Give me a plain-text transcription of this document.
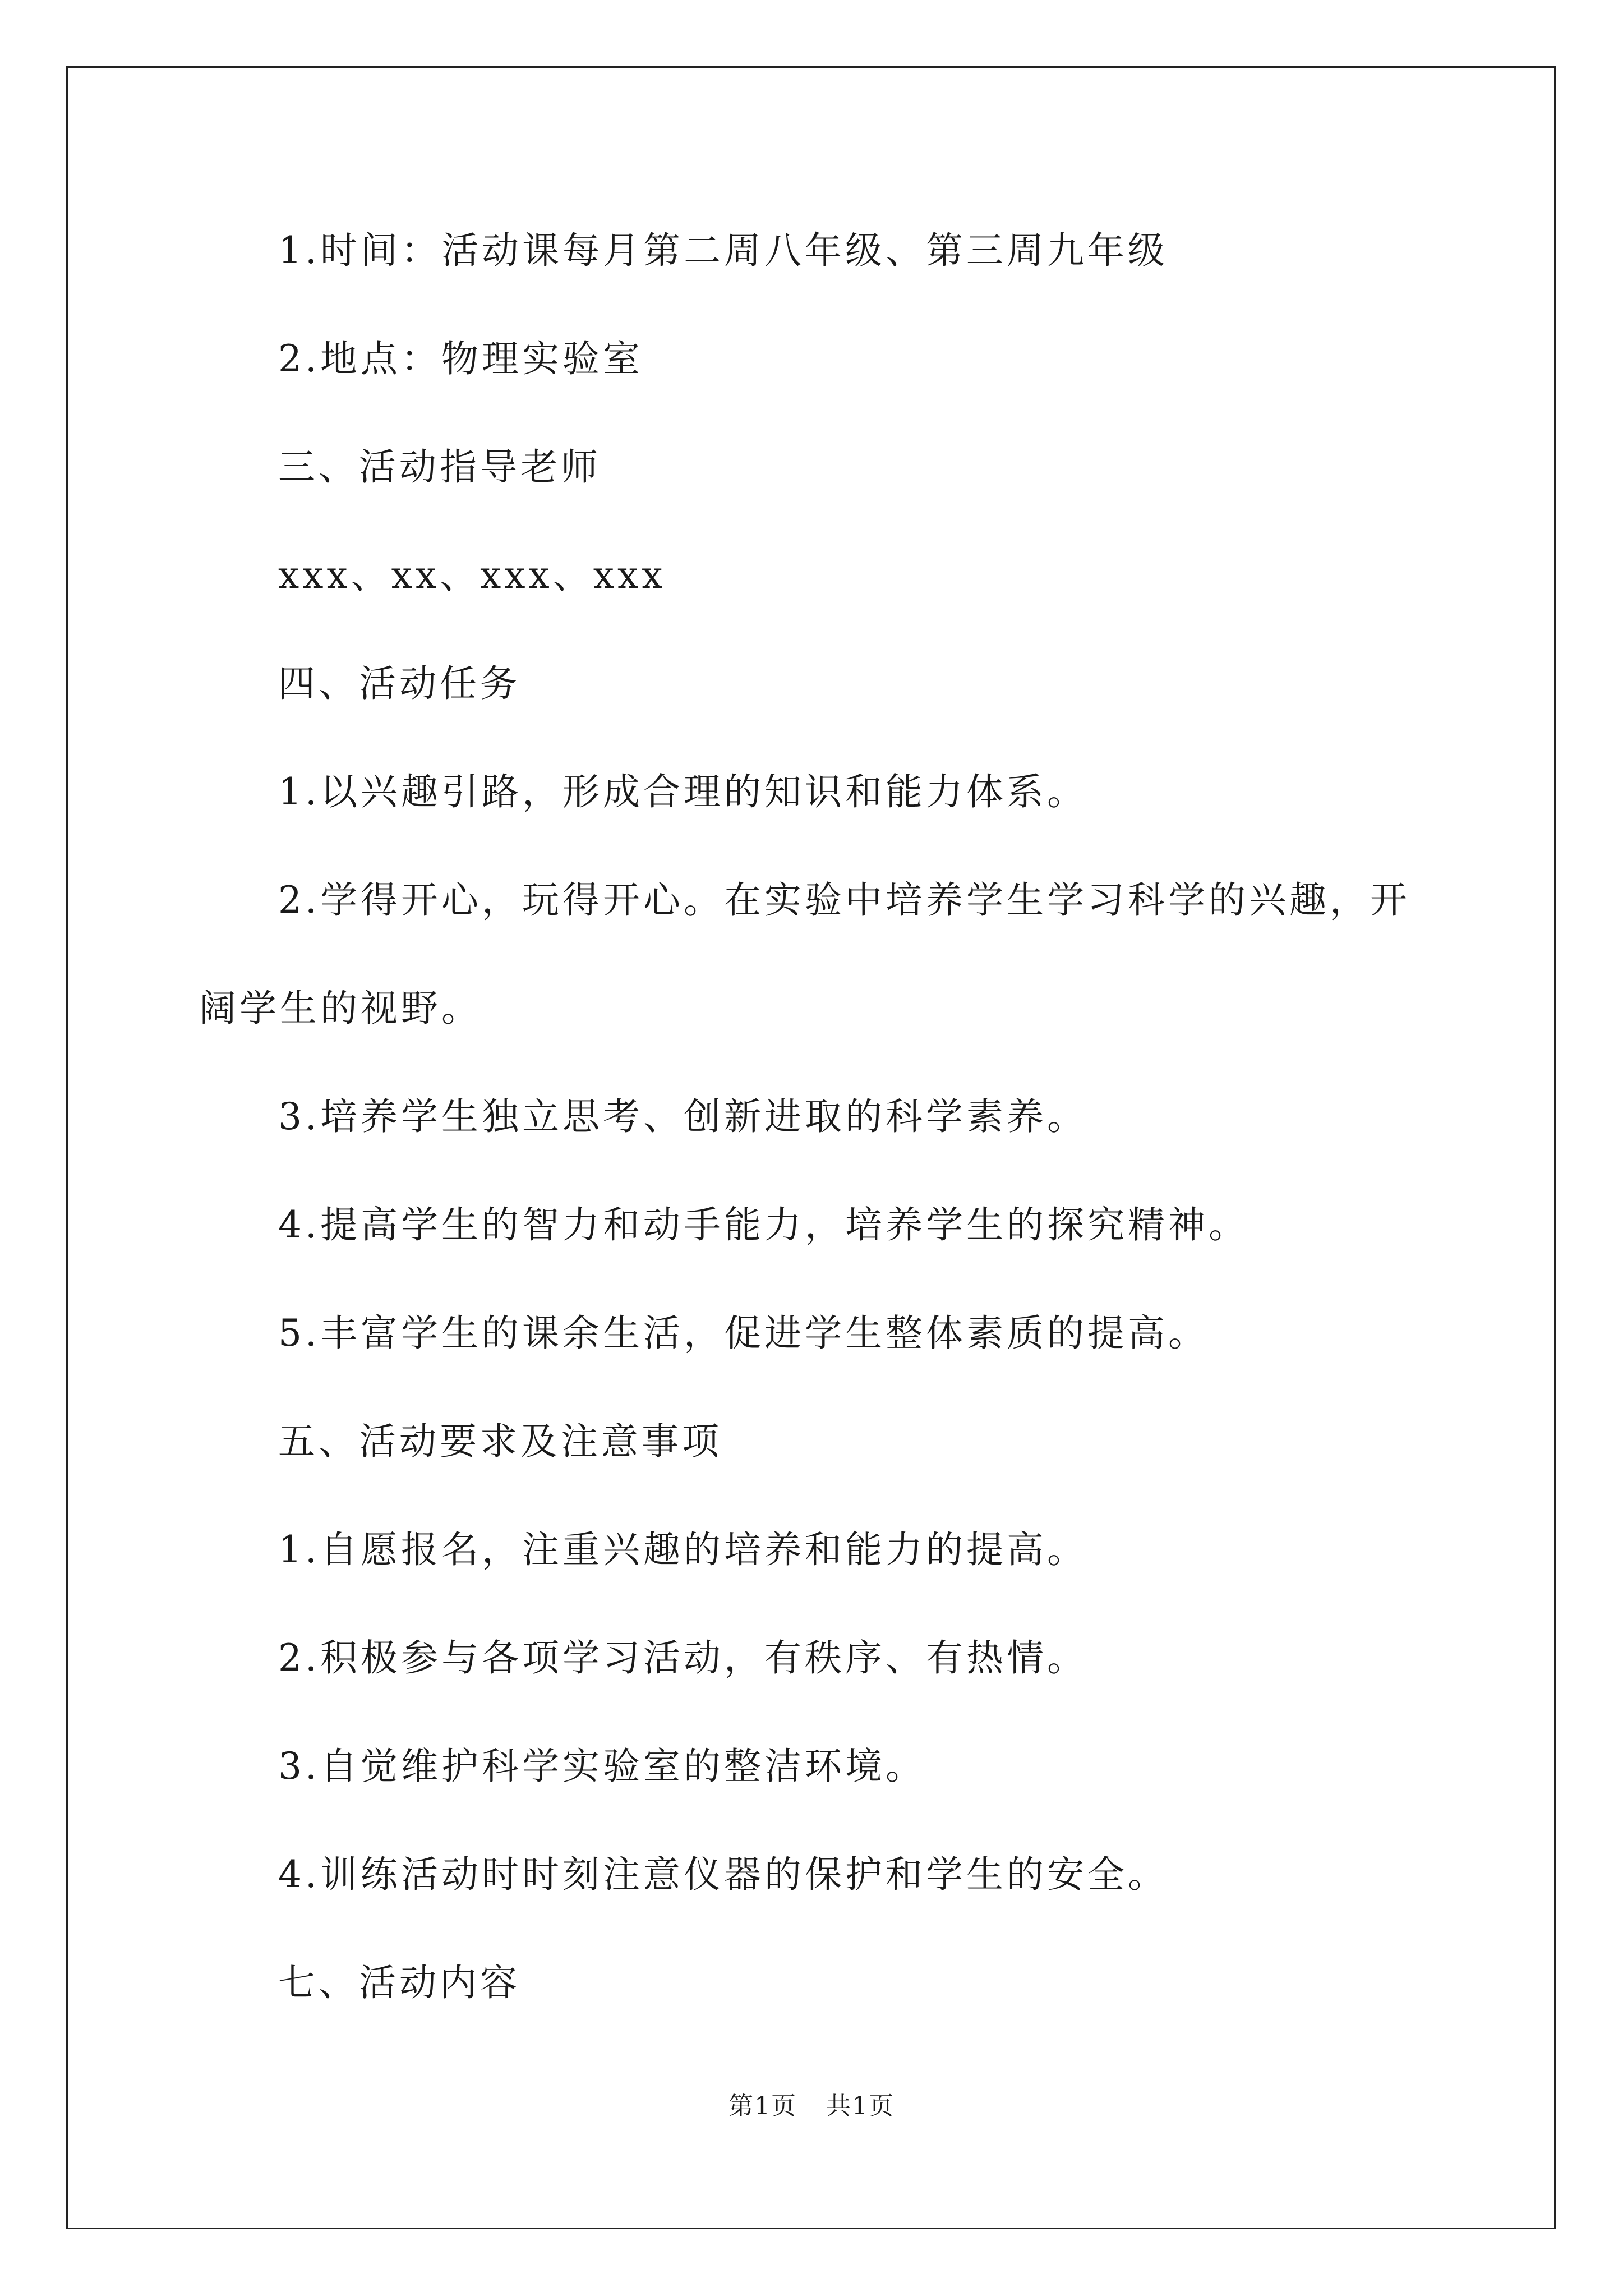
1.时间：活动课每月第二周八年级、第三周九年级
2.地点：物理实验室
三、活动指导老师
xxx、xx、xxx、xxx
四、活动任务
1.以兴趣引路，形成合理的知识和能力体系。
2.学得开心，玩得开心。在实验中培养学生学习科学的兴趣，开
阔学生的视野。
3.培养学生独立思考、创新进取的科学素养。
4.提高学生的智力和动手能力，培养学生的探究精神。
5.丰富学生的课余生活，促进学生整体素质的提高。
五、活动要求及注意事项
1.自愿报名，注重兴趣的培养和能力的提高。
2.积极参与各项学习活动，有秩序、有热情。
3.自觉维护科学实验室的整洁环境。
4.训练活动时时刻注意仪器的保护和学生的安全。
七、活动内容
第1页 共1页
